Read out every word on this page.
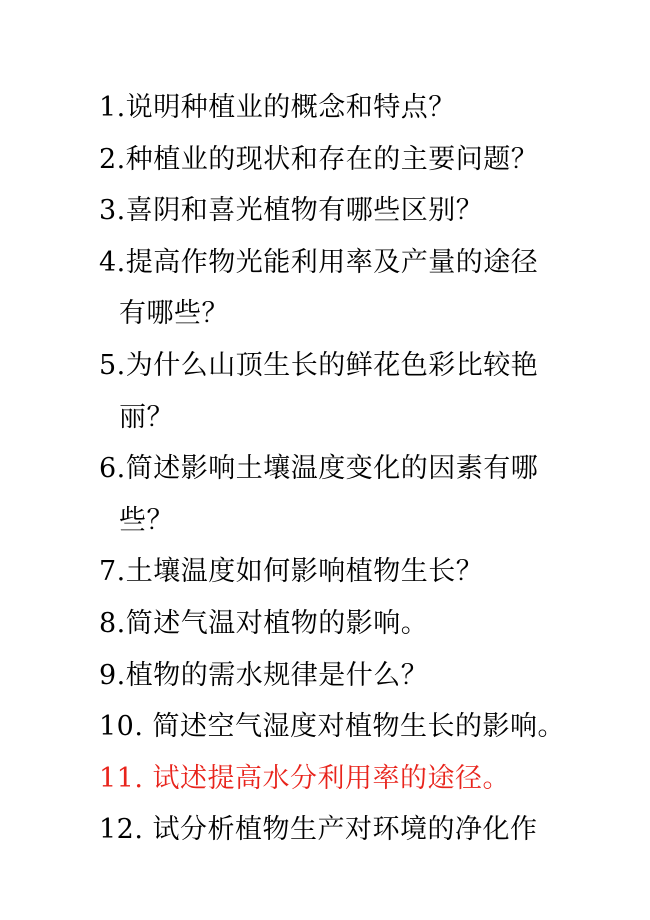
1.说明种植业的概念和特点？
2.种植业的现状和存在的主要问题？
3.喜阴和喜光植物有哪些区别？
4.提高作物光能利用率及产量的途径
有哪些？
5.为什么山顶生长的鲜花色彩比较艳
丽？
6.简述影响土壤温度变化的因素有哪
些？
7.土壤温度如何影响植物生长？
8.简述气温对植物的影响。
9.植物的需水规律是什么？
10. 简述空气湿度对植物生长的影响。
11. 试述提高水分利用率的途径。
12. 试分析植物生产对环境的净化作
